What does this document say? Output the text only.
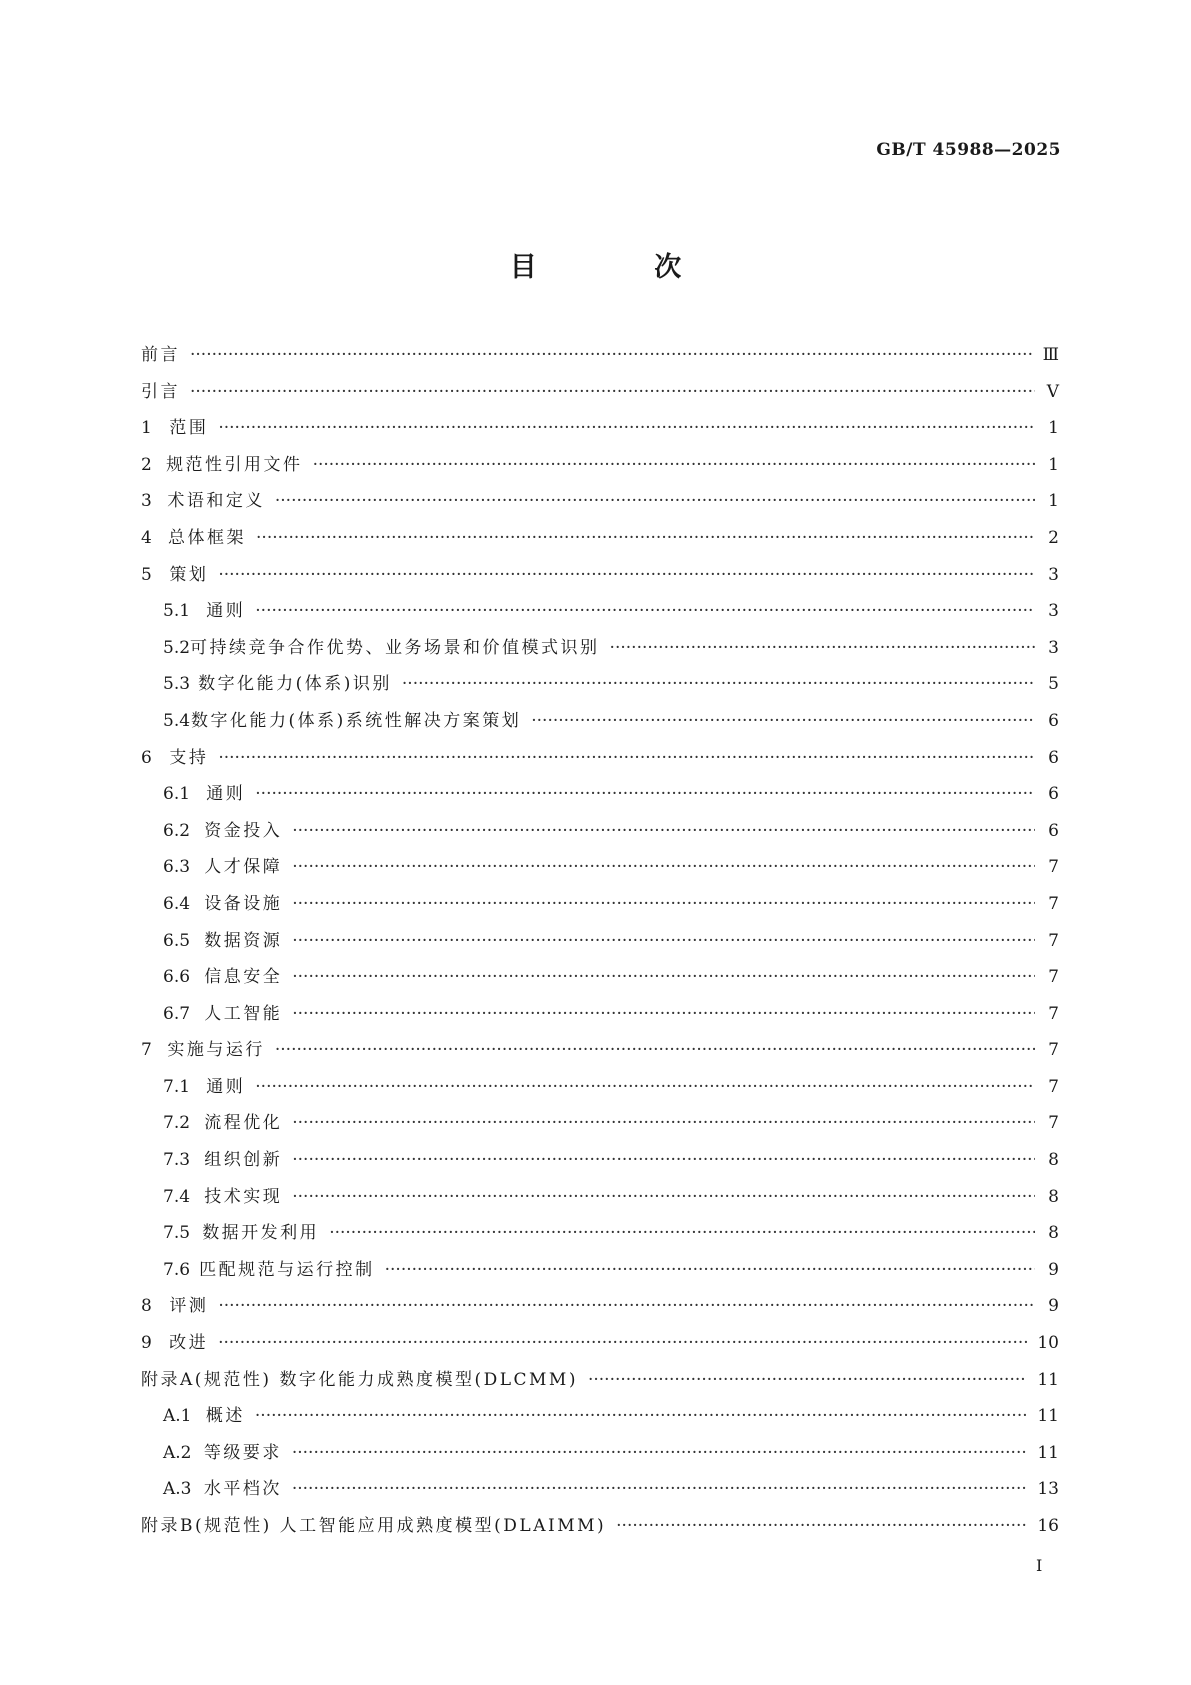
GB/T 45988—2025
目 次
前言 ·····	Ⅲ
引言 ·····	Ⅴ
1	范围 ·····	1
2 规范性引用文件 ·····	1
3 术语和定义 ·····	1
4 总体框架 ·····	2
5	策划 ·····	3
5.1 通则 ·····	3
5.2 可持续竞争合作优势、业务场景和价值模式识别 ·····	3
5.3 数字化能力(体系)识别 ·····	5
5.4 数字化能力(体系)系统性解决方案策划 ·····	6
6	支持 ·····	6
6.1 通则 ·····	6
6.2 资金投入 ·····	6
6.3 人才保障 ·····	7
6.4 设备设施 ·····	7
6.5 数据资源 ·····	7
6.6 信息安全 ·····	7
6.7 人工智能 ·····	7
7 实施与运行 ·····	7
7.1 通则 ·····	7
7.2 流程优化 ·····	7
7.3 组织创新 ·····	8
7.4 技术实现 ·····	8
7.5 数据开发利用 ·····	8
7.6 匹配规范与运行控制 ·····	9
8	评测 ·····	9
9	改进 ·····	10
附录A(规范性) 数字化能力成熟度模型(DLCMM) ·····	11
A.1 概述 ·····	11
A.2 等级要求 ·····	11
A.3 水平档次 ·····	13
附录B(规范性) 人工智能应用成熟度模型(DLAIMM) ·····	16
Ⅰ
